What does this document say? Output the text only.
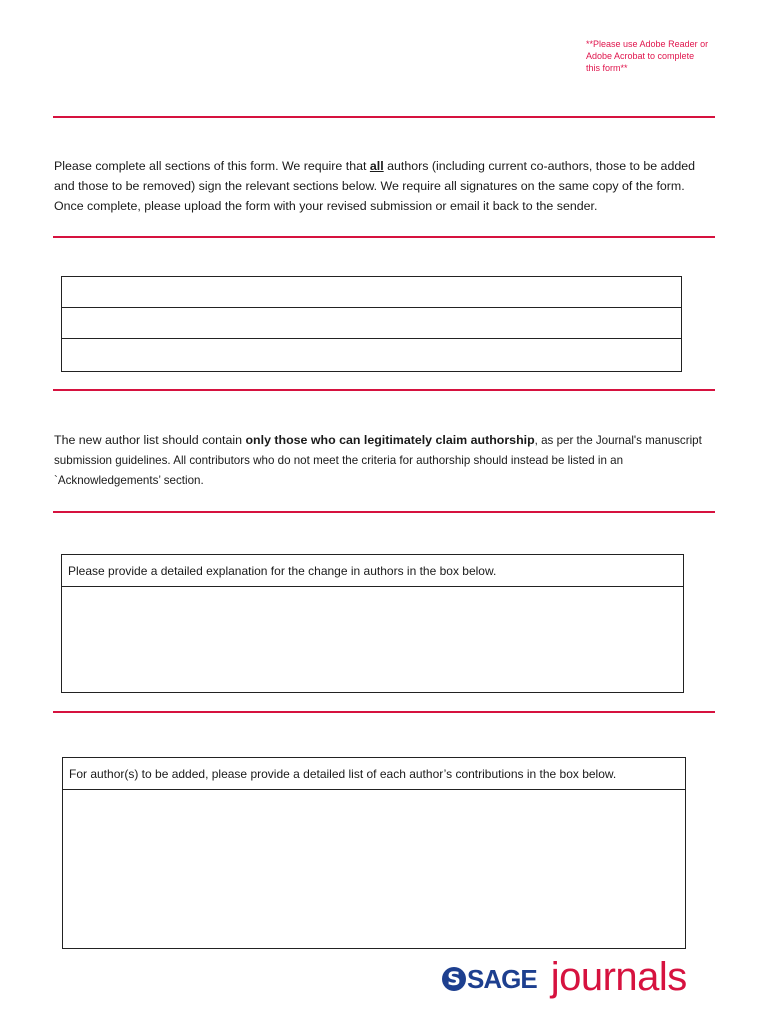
**Please use Adobe Reader or
Adobe Acrobat to complete
this form**
Please complete all sections of this form. We require that all authors (including current co-authors, those to be added
and those to be removed) sign the relevant sections below. We require all signatures on the same copy of the form.
Once complete, please upload the form with your revised submission or email it back to the sender.
The new author list should contain only those who can legitimately claim authorship, as per the Journal's manuscript
submission guidelines. All contributors who do not meet the criteria for authorship should instead be listed in an
`Acknowledgements’ section.
Please provide a detailed explanation for the change in authors in the box below.
For author(s) to be added, please provide a detailed list of each author’s contributions in the box below.
S SAGE journals
